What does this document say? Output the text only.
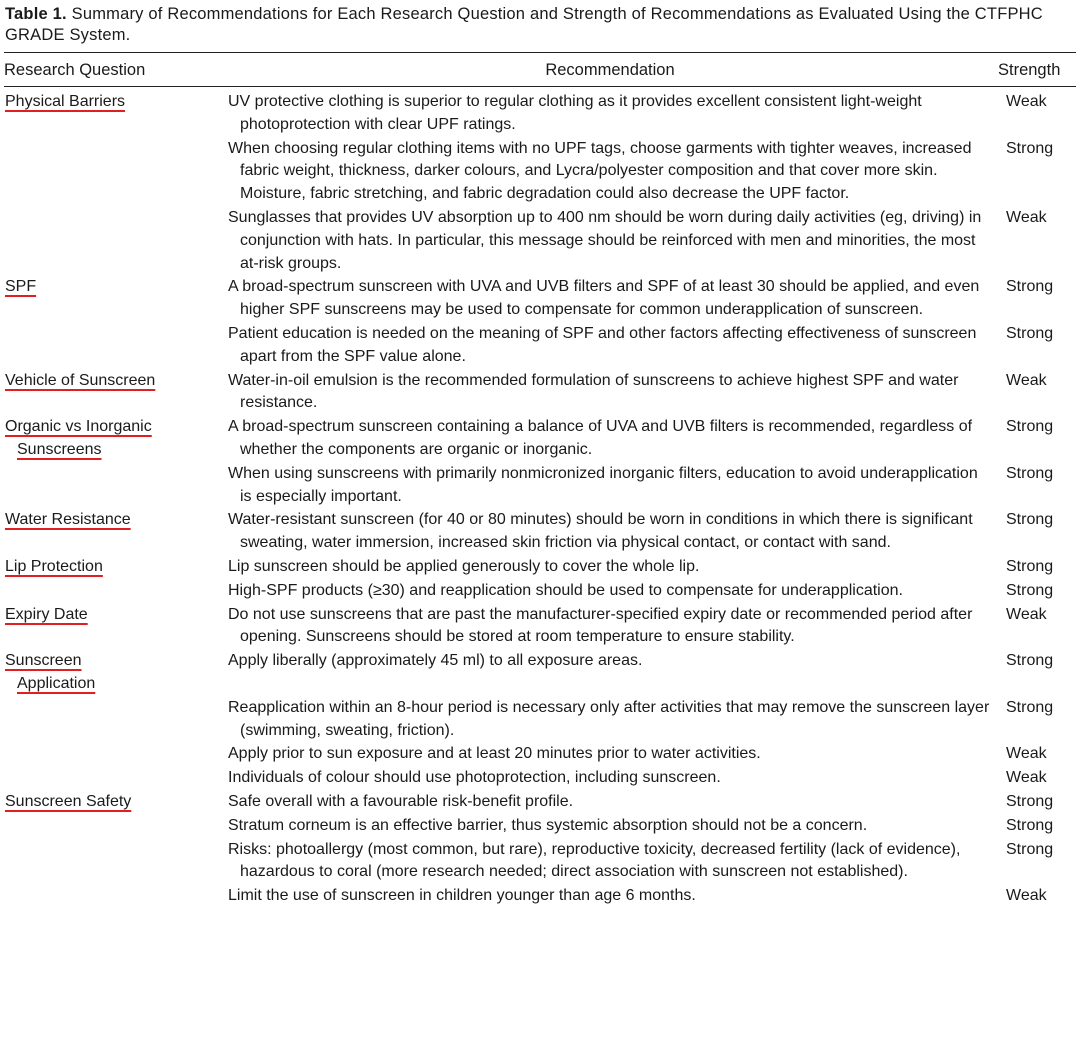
Table 1. Summary of Recommendations for Each Research Question and Strength of Recommendations as Evaluated Using the CTFPHC GRADE System.
Research Question	Recommendation	Strength

Physical Barriers	UV protective clothing is superior to regular clothing as it provides excellent consistent light-weight photoprotection with clear UPF ratings.	Weak

	When choosing regular clothing items with no UPF tags, choose garments with tighter weaves, increased fabric weight, thickness, darker colours, and Lycra/polyester composition and that cover more skin. Moisture, fabric stretching, and fabric degradation could also decrease the UPF factor.	Strong

	Sunglasses that provides UV absorption up to 400 nm should be worn during daily activities (eg, driving) in conjunction with hats. In particular, this message should be reinforced with men and minorities, the most at-risk groups.	Weak
SPF	A broad-spectrum sunscreen with UVA and UVB filters and SPF of at least 30 should be applied, and even higher SPF sunscreens may be used to compensate for common underapplication of sunscreen.	Strong

	Patient education is needed on the meaning of SPF and other factors affecting effectiveness of sunscreen apart from the SPF value alone.	Strong
Vehicle of Sunscreen	Water-in-oil emulsion is the recommended formulation of sunscreens to achieve highest SPF and water resistance.	Weak
Organic vs Inorganic
Sunscreens	A broad-spectrum sunscreen containing a balance of UVA and UVB filters is recommended, regardless of whether the components are organic or inorganic.	Strong

	When using sunscreens with primarily nonmicronized inorganic filters, education to avoid underapplication is especially important.	Strong
Water Resistance	Water-resistant sunscreen (for 40 or 80 minutes) should be worn in conditions in which there is significant sweating, water immersion, increased skin friction via physical contact, or contact with sand.	Strong
Lip Protection	Lip sunscreen should be applied generously to cover the whole lip.	Strong

	High-SPF products (≥30) and reapplication should be used to compensate for underapplication.	Strong
Expiry Date	Do not use sunscreens that are past the manufacturer-specified expiry date or recommended period after opening. Sunscreens should be stored at room temperature to ensure stability.	Weak
Sunscreen
Application	Apply liberally (approximately 45 ml) to all exposure areas.	Strong

	Reapplication within an 8-hour period is necessary only after activities that may remove the sunscreen layer (swimming, sweating, friction).	Strong

	Apply prior to sun exposure and at least 20 minutes prior to water activities.	Weak

	Individuals of colour should use photoprotection, including sunscreen.	Weak
Sunscreen Safety	Safe overall with a favourable risk-benefit profile.	Strong

	Stratum corneum is an effective barrier, thus systemic absorption should not be a concern.	Strong

	Risks: photoallergy (most common, but rare), reproductive toxicity, decreased fertility (lack of evidence), hazardous to coral (more research needed; direct association with sunscreen not established).	Strong

	Limit the use of sunscreen in children younger than age 6 months.	Weak
